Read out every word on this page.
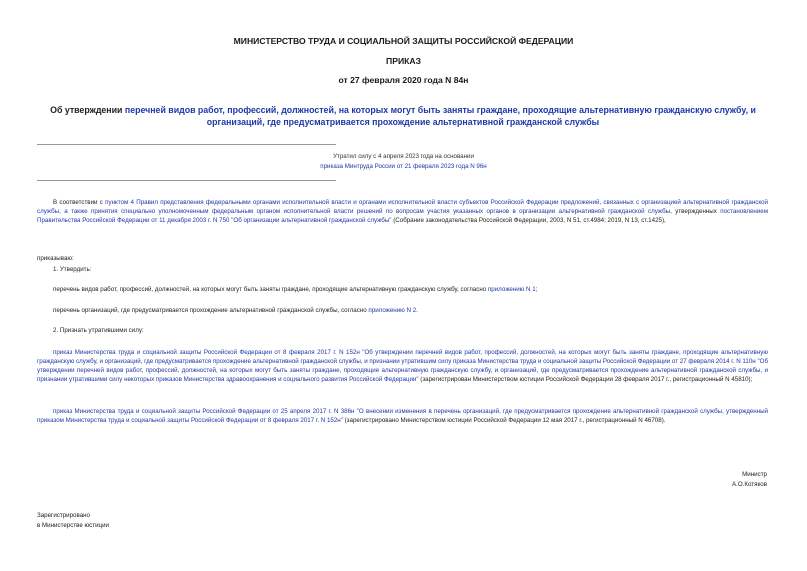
МИНИСТЕРСТВО ТРУДА И СОЦИАЛЬНОЙ ЗАЩИТЫ РОССИЙСКОЙ ФЕДЕРАЦИИ
ПРИКАЗ
от 27 февраля 2020 года N 84н
Об утверждении перечней видов работ, профессий, должностей, на которых могут быть заняты граждане, проходящие альтернативную гражданскую службу, и организаций, где предусматривается прохождение альтернативной гражданской службы
Утратил силу с 4 апреля 2023 года на основании
приказа Минтруда России от 21 февраля 2023 года N 96н
В соответствии с пунктом 4 Правил представления федеральными органами исполнительной власти и органами исполнительной власти субъектов Российской Федерации предложений, связанных с организацией альтернативной гражданской службы, а также принятия специально уполномоченным федеральным органом исполнительной власти решений по вопросам участия указанных органов в организации альтернативной гражданской службы, утвержденных постановлением Правительства Российской Федерации от 11 декабря 2003 г. N 750 "Об организации альтернативной гражданской службы" (Собрание законодательства Российской Федерации, 2003, N 51, ст.4984; 2019, N 13, ст.1425),
приказываю:
1. Утвердить:
перечень видов работ, профессий, должностей, на которых могут быть заняты граждане, проходящие альтернативную гражданскую службу, согласно приложению N 1;
перечень организаций, где предусматривается прохождение альтернативной гражданской службы, согласно приложению N 2.
2. Признать утратившими силу:
приказ Министерства труда и социальной защиты Российской Федерации от 8 февраля 2017 г. N 152н "Об утверждении перечней видов работ, профессий, должностей, на которых могут быть заняты граждане, проходящие альтернативную гражданскую службу, и организаций, где предусматривается прохождение альтернативной гражданской службы, и признании утратившим силу приказа Министерства труда и социальной защиты Российской Федерации от 27 февраля 2014 г. N 110н "Об утверждении перечней видов работ, профессий, должностей, на которых могут быть заняты граждане, проходящие альтернативную гражданскую службу, и организаций, где предусматривается прохождение альтернативной гражданской службы, и признании утратившими силу некоторых приказов Министерства здравоохранения и социального развития Российской Федерации" (зарегистрирован Министерством юстиции Российской Федерации 28 февраля 2017 г., регистрационный N 45810);
приказ Министерства труда и социальной защиты Российской Федерации от 25 апреля 2017 г. N 386н "О внесении изменения в перечень организаций, где предусматривается прохождение альтернативной гражданской службы, утвержденный приказом Министерства труда и социальной защиты Российской Федерации от 8 февраля 2017 г. N 152н" (зарегистрировано Министерством юстиции Российской Федерации 12 мая 2017 г., регистрационный N 46708).
Министр
А.О.Котяков
Зарегистрировано
в Министерстве юстиции
